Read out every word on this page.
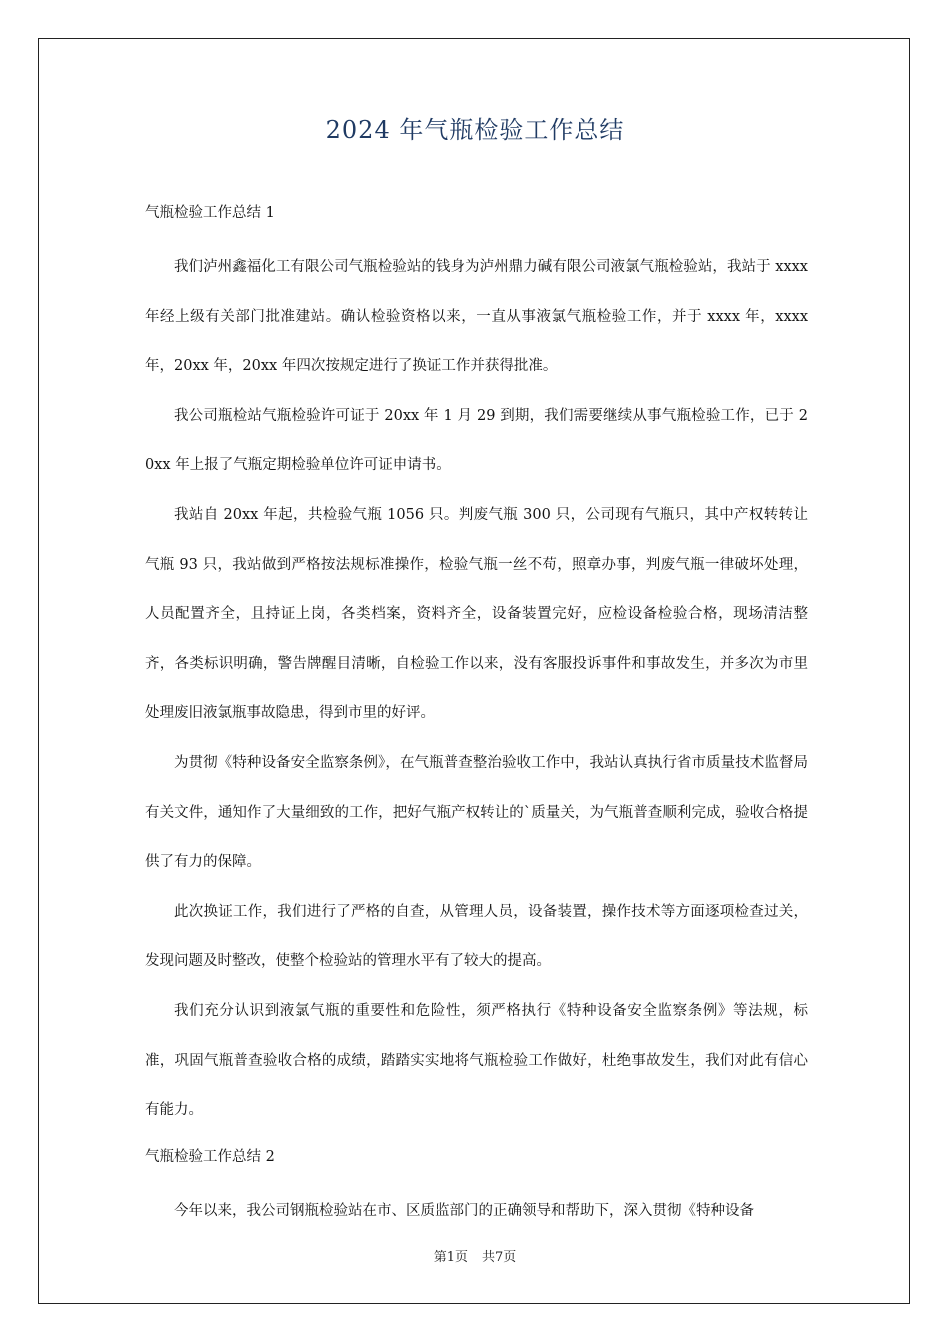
2024 年气瓶检验工作总结
气瓶检验工作总结 1

我们泸州鑫福化工有限公司气瓶检验站的钱身为泸州鼎力碱有限公司液氯气瓶检验站，我站于 xxxx 年经上级有关部门批准建站。确认检验资格以来，一直从事液氯气瓶检验工作，并于 xxxx 年，xxxx 年，20xx 年，20xx 年四次按规定进行了换证工作并获得批准。

我公司瓶检站气瓶检验许可证于 20xx 年 1 月 29 到期，我们需要继续从事气瓶检验工作，已于 20xx 年上报了气瓶定期检验单位许可证申请书。

我站自 20xx 年起，共检验气瓶 1056 只。判废气瓶 300 只，公司现有气瓶只，其中产权转转让气瓶 93 只，我站做到严格按法规标准操作，检验气瓶一丝不苟，照章办事，判废气瓶一律破坏处理，人员配置齐全，且持证上岗，各类档案，资料齐全，设备装置完好，应检设备检验合格，现场清洁整齐，各类标识明确，警告牌醒目清晰，自检验工作以来，没有客服投诉事件和事故发生，并多次为市里处理废旧液氯瓶事故隐患，得到市里的好评。

为贯彻《特种设备安全监察条例》，在气瓶普查整治验收工作中，我站认真执行省市质量技术监督局有关文件，通知作了大量细致的工作，把好气瓶产权转让的`质量关，为气瓶普查顺利完成，验收合格提供了有力的保障。

此次换证工作，我们进行了严格的自查，从管理人员，设备装置，操作技术等方面逐项检查过关，发现问题及时整改，使整个检验站的管理水平有了较大的提高。

我们充分认识到液氯气瓶的重要性和危险性，须严格执行《特种设备安全监察条例》等法规，标准，巩固气瓶普查验收合格的成绩，踏踏实实地将气瓶检验工作做好，杜绝事故发生，我们对此有信心有能力。

气瓶检验工作总结 2

今年以来，我公司钢瓶检验站在市、区质监部门的正确领导和帮助下，深入贯彻《特种设备

第1页 共7页
